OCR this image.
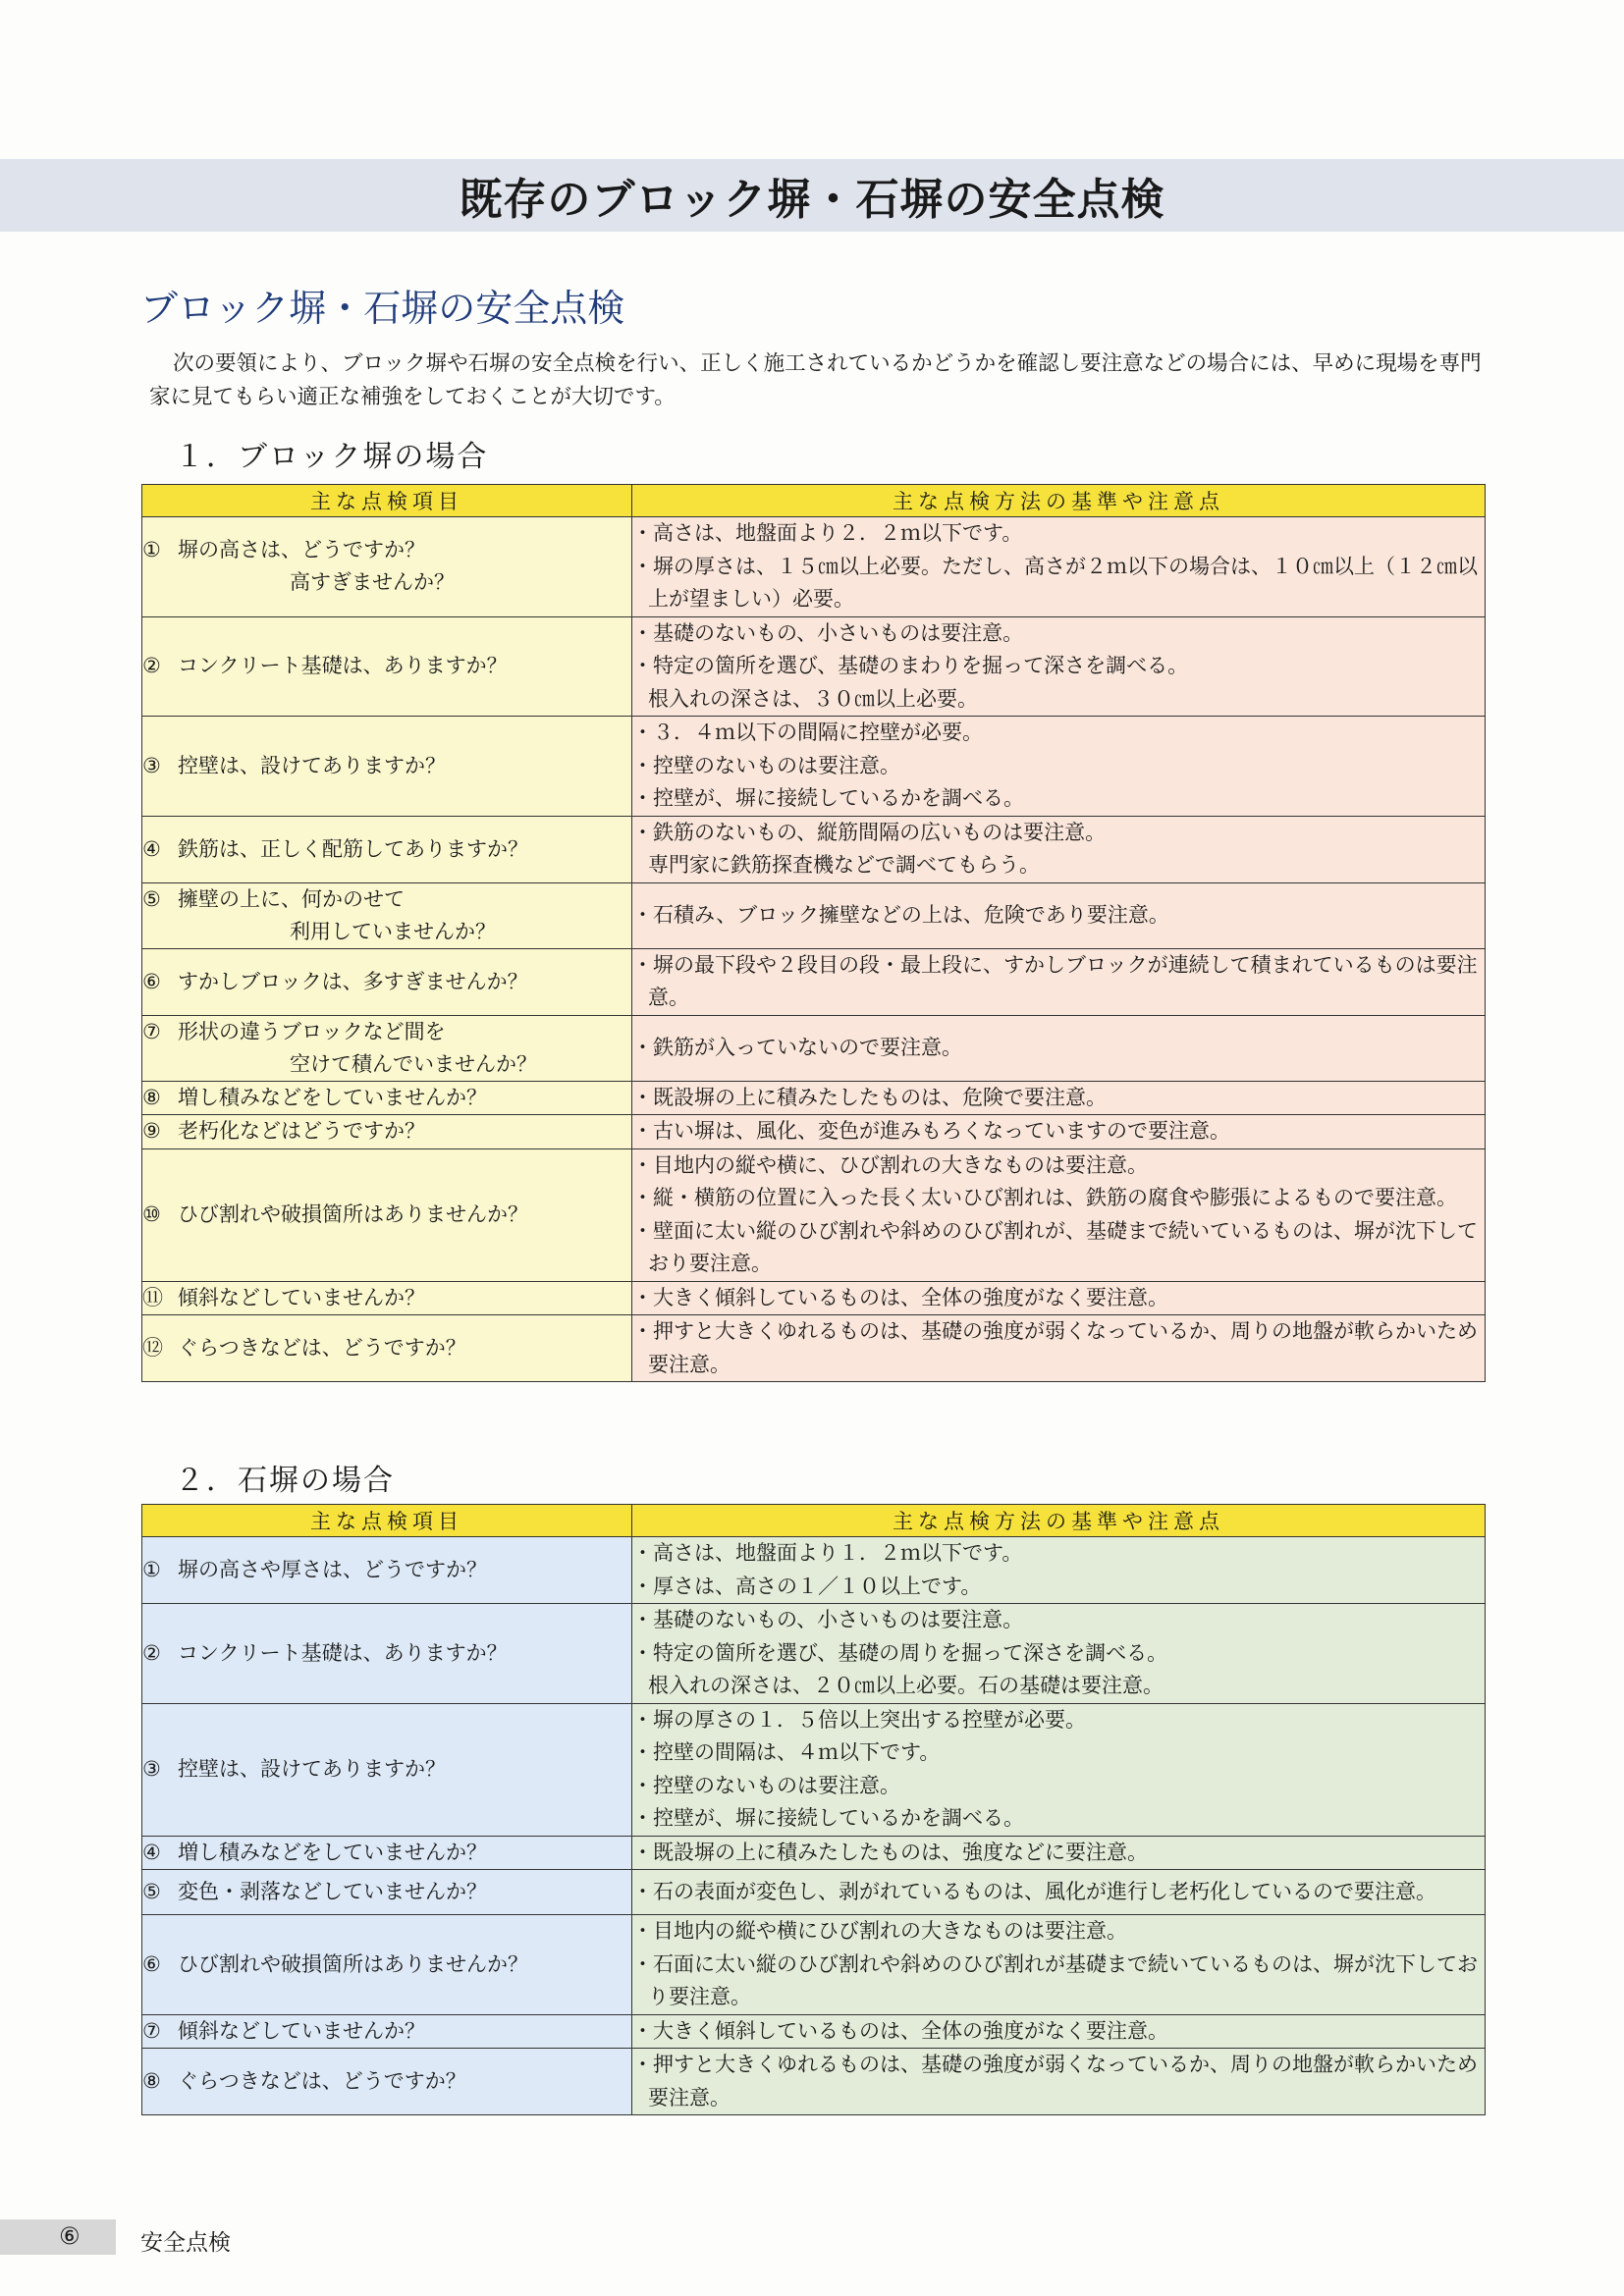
既存のブロック塀・石塀の安全点検
ブロック塀・石塀の安全点検

次の要領により、ブロック塀や石塀の安全点検を行い、正しく施工されているかどうかを確認し要注意などの場合には、早めに現場を専門家に見てもらい適正な補強をしておくことが大切です。

１．ブロック塀の場合
主な点検項目	主な点検方法の基準や注意点

① 塀の高さは、どうですか？
高すぎませんか？	・高さは、地盤面より２．２ｍ以下です。
・塀の厚さは、１５㎝以上必要。ただし、高さが２ｍ以下の場合は、１０㎝以上（１２㎝以上が望ましい）必要。

② コンクリート基礎は、ありますか？	・基礎のないもの、小さいものは要注意。
・特定の箇所を選び、基礎のまわりを掘って深さを調べる。
根入れの深さは、３０㎝以上必要。

③ 控壁は、設けてありますか？	・３．４ｍ以下の間隔に控壁が必要。
・控壁のないものは要注意。
・控壁が、塀に接続しているかを調べる。

④ 鉄筋は、正しく配筋してありますか？	・鉄筋のないもの、縦筋間隔の広いものは要注意。
専門家に鉄筋探査機などで調べてもらう。

⑤ 擁壁の上に、何かのせて
利用していませんか？	・石積み、ブロック擁壁などの上は、危険であり要注意。

⑥ すかしブロックは、多すぎませんか？	・塀の最下段や２段目の段・最上段に、すかしブロックが連続して積まれているものは要注意。

⑦ 形状の違うブロックなど間を
空けて積んでいませんか？	・鉄筋が入っていないので要注意。

⑧ 増し積みなどをしていませんか？	・既設塀の上に積みたしたものは、危険で要注意。

⑨ 老朽化などはどうですか？	・古い塀は、風化、変色が進みもろくなっていますので要注意。

⑩ ひび割れや破損箇所はありませんか？	・目地内の縦や横に、ひび割れの大きなものは要注意。
・縦・横筋の位置に入った長く太いひび割れは、鉄筋の腐食や膨張によるもので要注意。
・壁面に太い縦のひび割れや斜めのひび割れが、基礎まで続いているものは、塀が沈下しており要注意。

⑪ 傾斜などしていませんか？	・大きく傾斜しているものは、全体の強度がなく要注意。

⑫ ぐらつきなどは、どうですか？	・押すと大きくゆれるものは、基礎の強度が弱くなっているか、周りの地盤が軟らかいため要注意。
２．石塀の場合
主な点検項目	主な点検方法の基準や注意点

① 塀の高さや厚さは、どうですか？	・高さは、地盤面より１．２ｍ以下です。
・厚さは、高さの１／１０以上です。

② コンクリート基礎は、ありますか？	・基礎のないもの、小さいものは要注意。
・特定の箇所を選び、基礎の周りを掘って深さを調べる。
根入れの深さは、２０㎝以上必要。石の基礎は要注意。

③ 控壁は、設けてありますか？	・塀の厚さの１．５倍以上突出する控壁が必要。
・控壁の間隔は、４ｍ以下です。
・控壁のないものは要注意。
・控壁が、塀に接続しているかを調べる。

④ 増し積みなどをしていませんか？	・既設塀の上に積みたしたものは、強度などに要注意。

⑤ 変色・剥落などしていませんか？	・石の表面が変色し、剥がれているものは、風化が進行し老朽化しているので要注意。

⑥ ひび割れや破損箇所はありませんか？	・目地内の縦や横にひび割れの大きなものは要注意。
・石面に太い縦のひび割れや斜めのひび割れが基礎まで続いているものは、塀が沈下しており要注意。

⑦ 傾斜などしていませんか？	・大きく傾斜しているものは、全体の強度がなく要注意。

⑧ ぐらつきなどは、どうですか？	・押すと大きくゆれるものは、基礎の強度が弱くなっているか、周りの地盤が軟らかいため要注意。
⑥	安全点検
